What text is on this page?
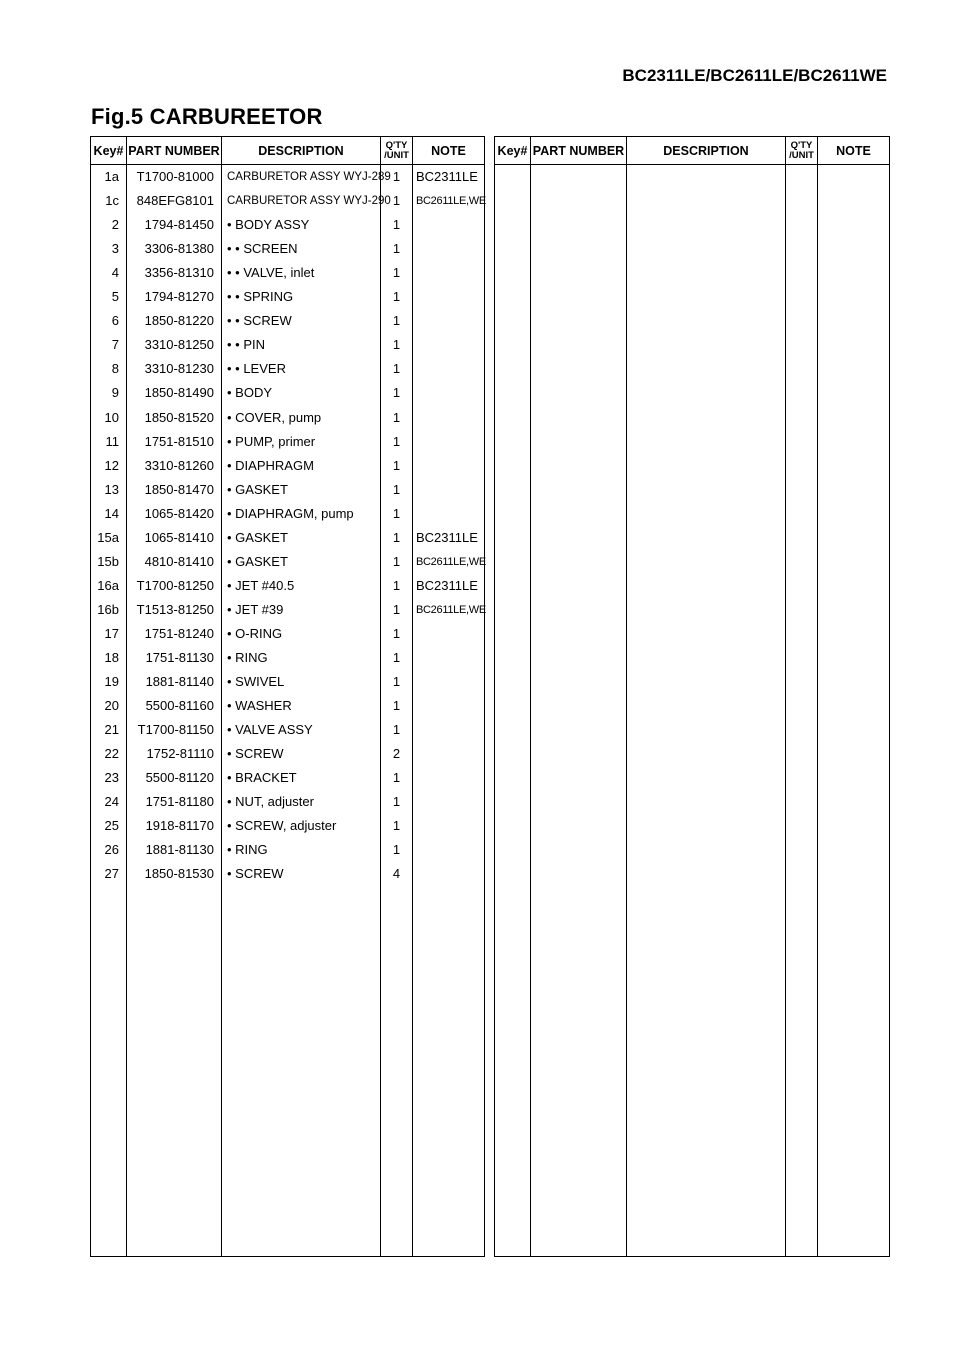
BC2311LE/BC2611LE/BC2611WE
Fig.5 CARBUREETOR
Key# PART NUMBER	DESCRIPTION	Q'TY
/UNIT	NOTE
1a	T1700-81000 CARBURETOR ASSY WYJ-289 1	BC2311LE
1c	848EFG8101 CARBURETOR ASSY WYJ-290 1	BC2611LE,WE
2	1794-81450 • BODY ASSY	1
3	3306-81380 • • SCREEN	1
4	3356-81310 • • VALVE, inlet	1
5	1794-81270 • • SPRING	1
6	1850-81220 • • SCREW	1
7	3310-81250 • • PIN	1
8	3310-81230 • • LEVER	1
9	1850-81490 • BODY	1
10	1850-81520 • COVER, pump	1
11	1751-81510 • PUMP, primer	1
12	3310-81260 • DIAPHRAGM	1
13	1850-81470 • GASKET	1
14	1065-81420 • DIAPHRAGM, pump	1
15a	1065-81410 • GASKET	1	BC2311LE
15b	4810-81410 • GASKET	1	BC2611LE,WE
16a	T1700-81250 • JET #40.5	1	BC2311LE
16b	T1513-81250 • JET #39	1	BC2611LE,WE
17	1751-81240 • O-RING	1
18	1751-81130 • RING	1
19	1881-81140 • SWIVEL	1
20	5500-81160 • WASHER	1
21	T1700-81150 • VALVE ASSY	1
22	1752-81110 • SCREW	2
23	5500-81120 • BRACKET	1
24	1751-81180 • NUT, adjuster	1
25	1918-81170 • SCREW, adjuster	1
26	1881-81130 • RING	1
27	1850-81530 • SCREW	4
Key# PART NUMBER	DESCRIPTION	Q'TY
/UNIT	NOTE
